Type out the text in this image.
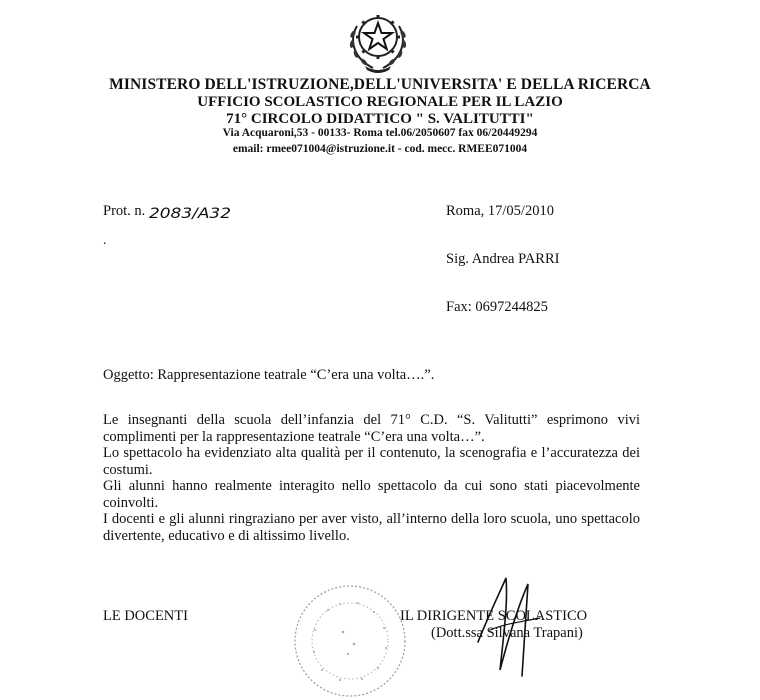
MINISTERO DELL'ISTRUZIONE,DELL'UNIVERSITA' E DELLA RICERCA
UFFICIO SCOLASTICO REGIONALE PER IL LAZIO
71° CIRCOLO DIDATTICO " S. VALITUTTI"
Via Acquaroni,53 - 00133- Roma tel.06/2050607 fax 06/20449294
email: rmee071004@istruzione.it - cod. mecc. RMEE071004
Prot. n. 2083/A32	Roma, 17/05/2010
.
Sig. Andrea PARRI
Fax: 0697244825
Oggetto: Rappresentazione teatrale “C’era una volta….”.

Le insegnanti della scuola dell’infanzia del 71° C.D. “S. Valitutti” esprimono vivi complimenti per la rappresentazione teatrale “C’era una volta…”.

Lo spettacolo ha evidenziato alta qualità per il contenuto, la scenografia e l’accuratezza dei costumi.

Gli alunni hanno realmente interagito nello spettacolo da cui sono stati piacevolmente coinvolti.

I docenti e gli alunni ringraziano per aver visto, all’interno della loro scuola, uno spettacolo divertente, educativo e di altissimo livello.

LE DOCENTI	IL DIRIGENTE SCOLASTICO
(Dott.ssa Silvana Trapani)
